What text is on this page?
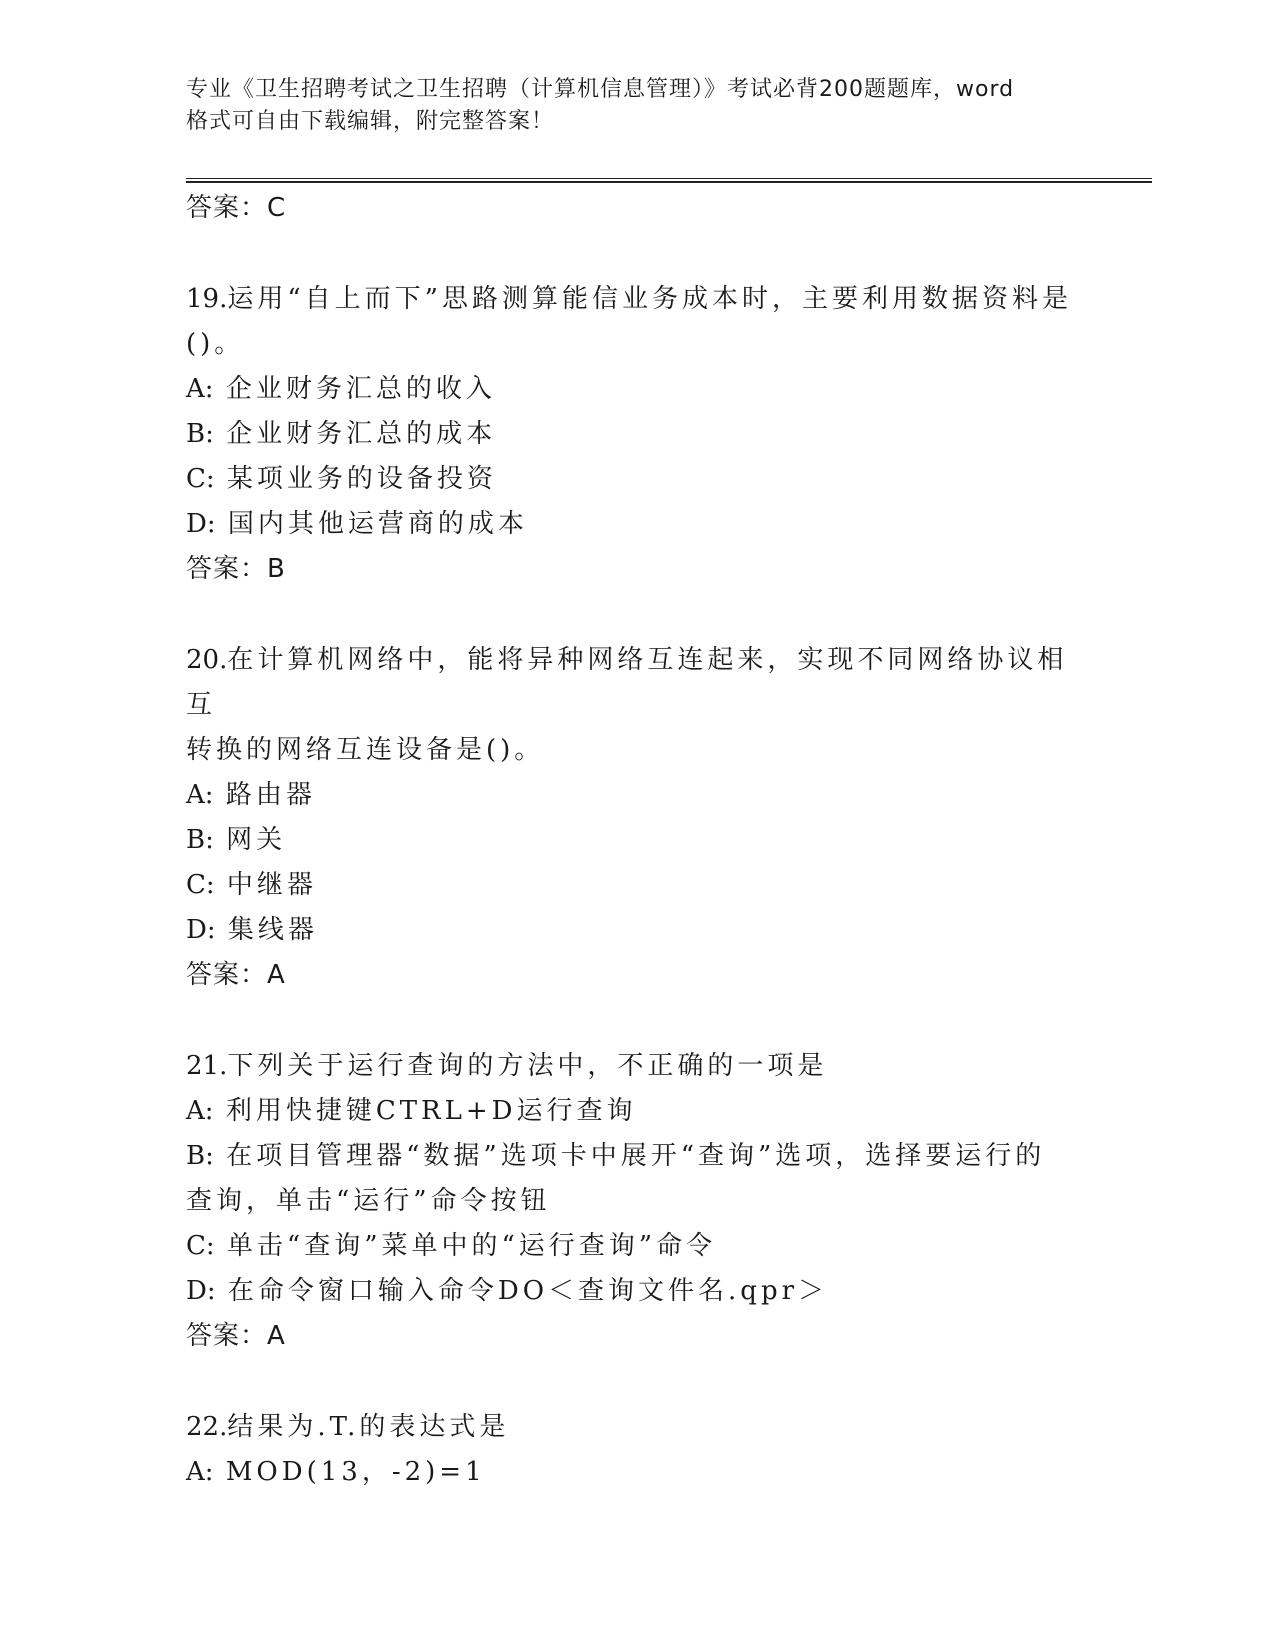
专业《卫生招聘考试之卫生招聘（计算机信息管理）》考试必背200题题库，word
格式可自由下载编辑，附完整答案！
答案：C
19.运用“自上而下”思路测算能信业务成本时，主要利用数据资料是
()。
A: 企业财务汇总的收入
B: 企业财务汇总的成本
C: 某项业务的设备投资
D: 国内其他运营商的成本
答案：B
20.在计算机网络中，能将异种网络互连起来，实现不同网络协议相互
转换的网络互连设备是()。
A: 路由器
B: 网关
C: 中继器
D: 集线器
答案：A
21.下列关于运行查询的方法中，不正确的一项是
A: 利用快捷键CTRL+D运行查询
B: 在项目管理器“数据”选项卡中展开“查询”选项，选择要运行的
查询，单击“运行”命令按钮
C: 单击“查询”菜单中的“运行查询”命令
D: 在命令窗口输入命令DO＜查询文件名.qpr＞
答案：A
22.结果为.T.的表达式是
A: MOD(13，-2)=1
